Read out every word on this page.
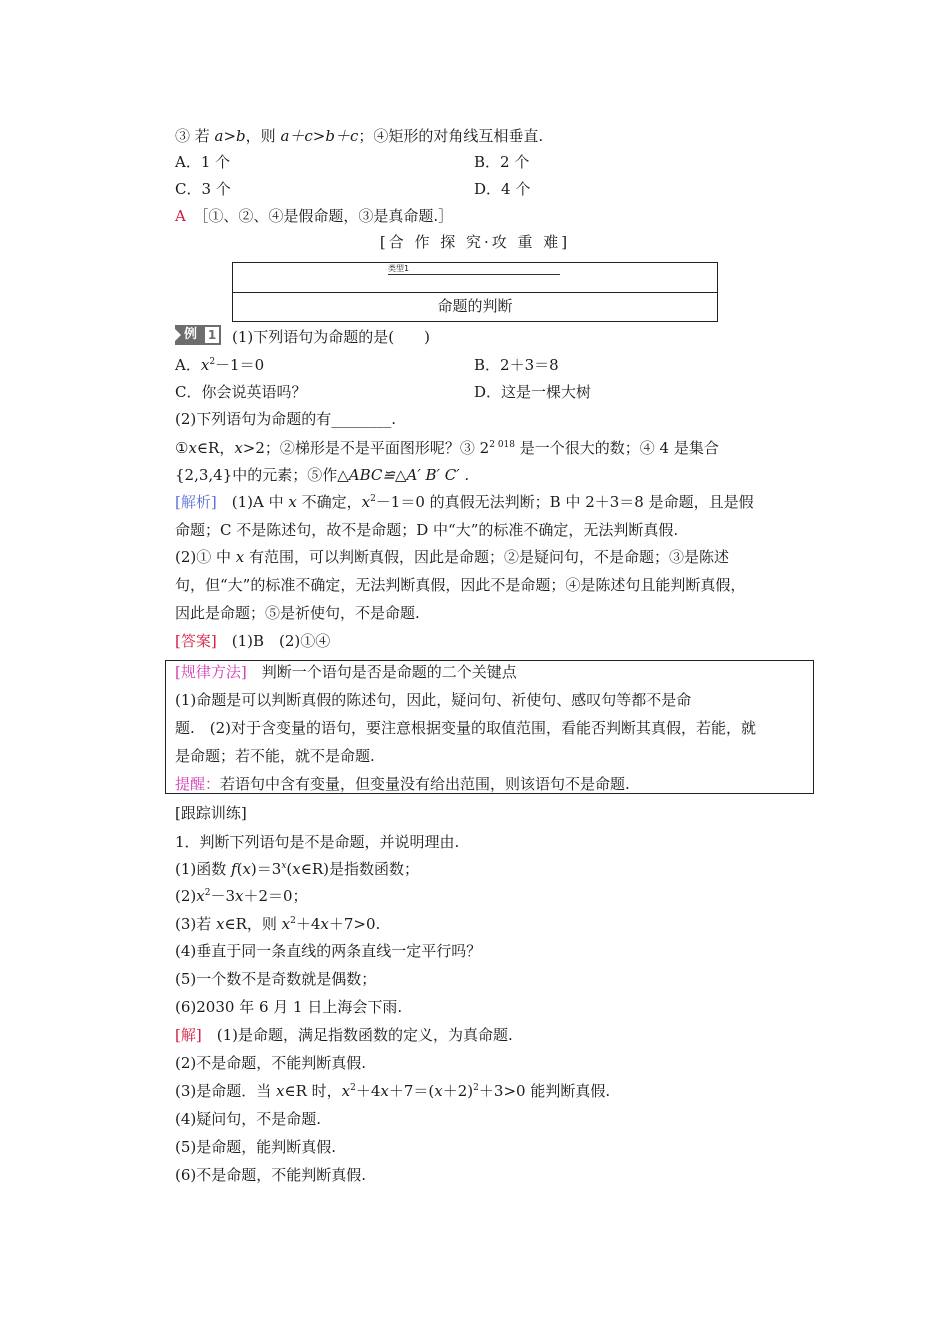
③ 若 a>b，则 a＋c>b＋c；④矩形的对角线互相垂直.
A．1 个	B．2 个
C．3 个	D．4 个
A　 ［①、②、④是假命题，③是真命题.］
[合 作 探 究·攻 重 难]
类型1
命题的判断
例 1 (1)下列语句为命题的是(　　)
A．$x^2-1=0$	B．2＋3＝8
C．你会说英语吗？	D．这是一棵大树
(2)下列语句为命题的有________.
①x∈R，x>2；②梯形是不是平面图形呢？③ $2^{2 018}$ 是一个很大的数；④ 4 是集合
{2,3,4}中的元素；⑤作△ABC≌△A′ B′ C′ .
[解析]　(1)A 中 x 不确定，$x^2-1=0$ 的真假无法判断；B 中 2＋3＝8 是命题，且是假
命题；C 不是陈述句，故不是命题；D 中“大”的标准不确定，无法判断真假.
(2)① 中 x 有范围，可以判断真假，因此是命题；②是疑问句，不是命题；③是陈述
句，但“大”的标准不确定，无法判断真假，因此不是命题；④是陈述句且能判断真假，
因此是命题；⑤是祈使句，不是命题.
[答案]　(1)B　(2)①④
[规律方法]　判断一个语句是否是命题的二个关键点
(1)命题是可以判断真假的陈述句，因此，疑问句、祈使句、感叹句等都不是命
题.　(2)对于含变量的语句，要注意根据变量的取值范围，看能否判断其真假，若能，就
是命题；若不能，就不是命题.
提醒：若语句中含有变量，但变量没有给出范围，则该语句不是命题.
[跟踪训练]
1．判断下列语句是不是命题，并说明理由.
(1)函数 $f(x)=3^x(x\in R)$是指数函数；
$(2)x^2-3x+2=0$；
(3)若 x∈R，则 $x^2+4x+7>0$.
(4)垂直于同一条直线的两条直线一定平行吗？
(5)一个数不是奇数就是偶数；
(6)2030 年 6 月 1 日上海会下雨.
[解]　(1)是命题，满足指数函数的定义，为真命题.
(2)不是命题，不能判断真假.
(3)是命题．当 x∈R 时，$x^2+4x+7=(x+2)^2+3>0$ 能判断真假.
(4)疑问句，不是命题.
(5)是命题，能判断真假.
(6)不是命题，不能判断真假.
